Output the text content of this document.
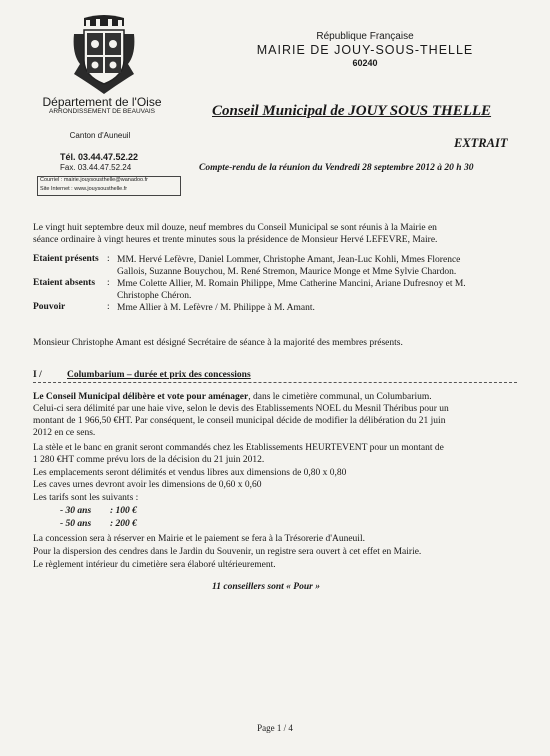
République Française
MAIRIE DE JOUY-SOUS-THELLE
60240
Département de l'Oise
ARRONDISSEMENT DE BEAUVAIS
Canton d'Auneuil
Tél. 03.44.47.52.22
Fax. 03.44.47.52.24
Courriel : mairie.jouysousthelle@wanadoo.fr
Site Internet : www.jouysousthelle.fr
Conseil Municipal de JOUY SOUS THELLE
EXTRAIT
Compte-rendu de la réunion du Vendredi 28 septembre 2012 à 20 h 30
Le vingt huit septembre deux mil douze, neuf membres du Conseil Municipal se sont réunis à la Mairie en
séance ordinaire à vingt heures et trente minutes sous la présidence de Monsieur Hervé LEFEVRE, Maire.
Etaient présents : MM. Hervé Lefèvre, Daniel Lommer, Christophe Amant, Jean-Luc Kohli, Mmes Florence
Gallois, Suzanne Bouychou, M. René Stremon, Maurice Monge et Mme Sylvie Chardon.
Etaient absents : Mme Colette Allier, M. Romain Philippe, Mme Catherine Mancini, Ariane Dufresnoy et M.
Christophe Chéron.
Pouvoir	: Mme Allier à M. Lefèvre / M. Philippe à M. Amant.
Monsieur Christophe Amant est désigné Secrétaire de séance à la majorité des membres présents.
I /	Columbarium – durée et prix des concessions
Le Conseil Municipal délibère et vote pour aménager, dans le cimetière communal, un Columbarium.
Celui-ci sera délimité par une haie vive, selon le devis des Etablissements NOEL du Mesnil Théribus pour un
montant de 1 966,50 €HT. Par conséquent, le conseil municipal décide de modifier la délibération du 21 juin
2012 en ce sens.
La stèle et le banc en granit seront commandés chez les Etablissements HEURTEVENT pour un montant de
1 280 €HT comme prévu lors de la décision du 21 juin 2012.
Les emplacements seront délimités et vendus libres aux dimensions de 0,80 x 0,80
Les caves urnes devront avoir les dimensions de 0,60 x 0,60
Les tarifs sont les suivants :
- 30 ans : 100 €
- 50 ans : 200 €
La concession sera à réserver en Mairie et le paiement se fera à la Trésorerie d'Auneuil.
Pour la dispersion des cendres dans le Jardin du Souvenir, un registre sera ouvert à cet effet en Mairie.
Le règlement intérieur du cimetière sera élaboré ultérieurement.
11 conseillers sont « Pour »
Page 1 / 4
